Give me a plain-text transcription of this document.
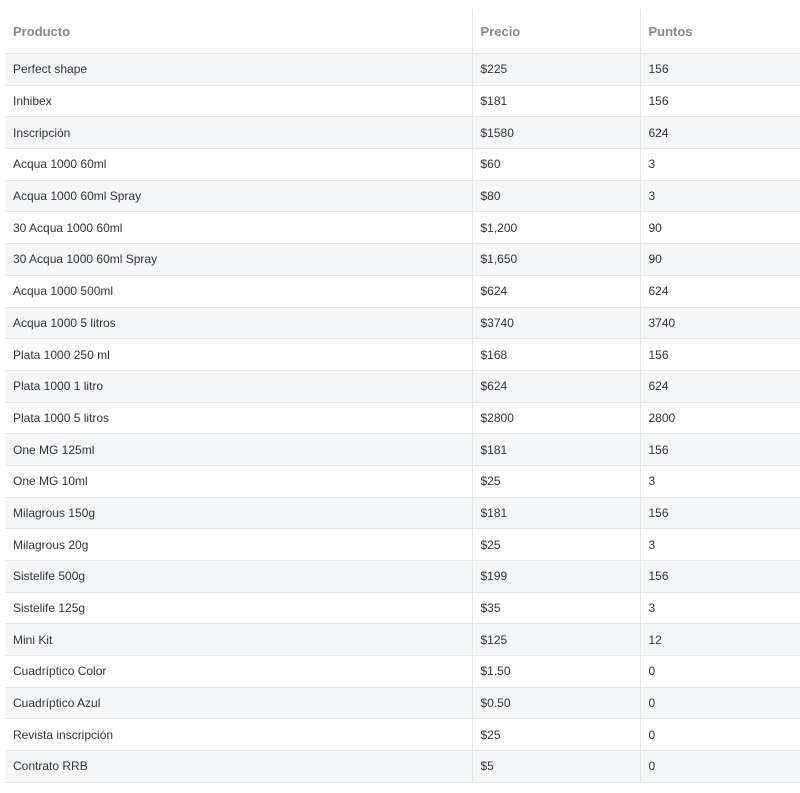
Producto	Precio	Puntos
Perfect shape	$225	156
Inhibex	$181	156
Inscripción	$1580	624
Acqua 1000 60ml	$60	3
Acqua 1000 60ml Spray	$80	3
30 Acqua 1000 60ml	$1,200	90
30 Acqua 1000 60ml Spray	$1,650	90
Acqua 1000 500ml	$624	624
Acqua 1000 5 litros	$3740	3740
Plata 1000 250 ml	$168	156
Plata 1000 1 litro	$624	624
Plata 1000 5 litros	$2800	2800
One MG 125ml	$181	156
One MG 10ml	$25	3
Milagrous 150g	$181	156
Milagrous 20g	$25	3
Sistelife 500g	$199	156
Sistelife 125g	$35	3
Mini Kit	$125	12
Cuadríptico Color	$1.50	0
Cuadríptico Azul	$0.50	0
Revista inscripción	$25	0
Contrato RRB	$5	0
